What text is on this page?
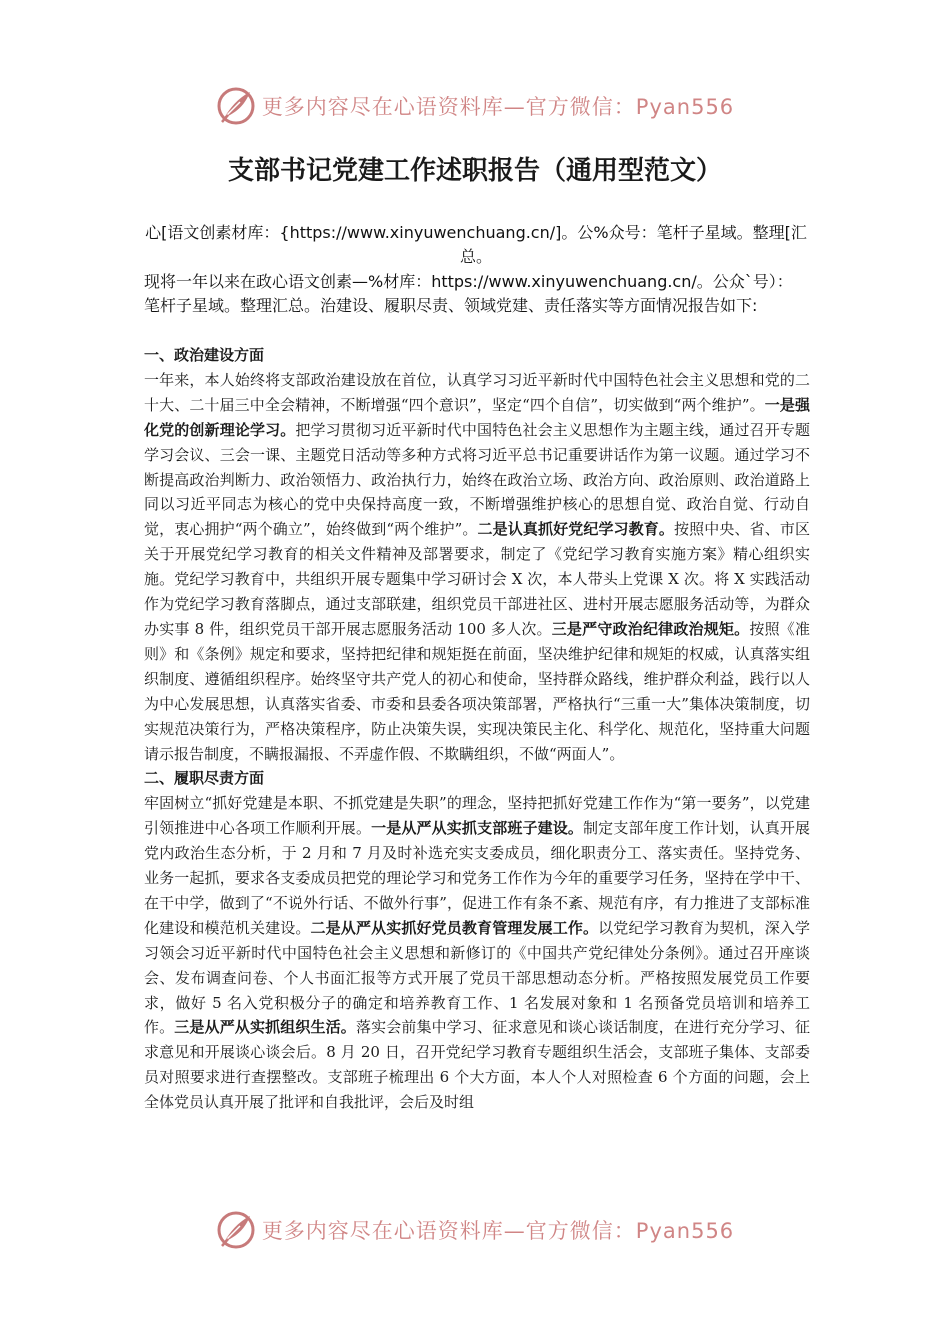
更多内容尽在心语资料库—官方微信：Pyan556
支部书记党建工作述职报告（通用型范文）
心[语文创素材库：{https://www.xinyuwenchuang.cn/]。公%众号：笔杆子星域。整理[汇总。
现将一年以来在政心语文创素—%材库：https://www.xinyuwenchuang.cn/。公众`号）：笔杆子星域。整理汇总。治建设、履职尽责、领域党建、责任落实等方面情况报告如下:
一、政治建设方面

一年来，本人始终将支部政治建设放在首位，认真学习习近平新时代中国特色社会主义思想和党的二十大、二十届三中全会精神，不断增强“四个意识”，坚定“四个自信”，切实做到“两个维护”。

一是强化党的创新理论学习。

把学习贯彻习近平新时代中国特色社会主义思想作为主题主线，通过召开专题学习会议、三会一课、主题党日活动等多种方式将习近平总书记重要讲话作为第一议题。通过学习不断提高政治判断力、政治领悟力、政治执行力，始终在政治立场、政治方向、政治原则、政治道路上同以习近平同志为核心的党中央保持高度一致，不断增强维护核心的思想自觉、政治自觉、行动自觉，衷心拥护“两个确立”，始终做到“两个维护”。

二是认真抓好党纪学习教育。

按照中央、省、市区关于开展党纪学习教育的相关文件精神及部署要求，制定了《党纪学习教育实施方案》精心组织实施。党纪学习教育中，共组织开展专题集中学习研讨会 X 次，本人带头上党课 X 次。将 X 实践活动作为党纪学习教育落脚点，通过支部联建，组织党员干部进社区、进村开展志愿服务活动等，为群众办实事 8 件，组织党员干部开展志愿服务活动 100 多人次。

三是严守政治纪律政治规矩。

按照《准则》和《条例》规定和要求，坚持把纪律和规矩挺在前面，坚决维护纪律和规矩的权威，认真落实组织制度、遵循组织程序。始终坚守共产党人的初心和使命，坚持群众路线，维护群众利益，践行以人为中心发展思想，认真落实省委、市委和县委各项决策部署，严格执行“三重一大”集体决策制度，切实规范决策行为，严格决策程序，防止决策失误，实现决策民主化、科学化、规范化，坚持重大问题请示报告制度，不瞒报漏报、不弄虚作假、不欺瞒组织，不做“两面人”。

二、履职尽责方面

牢固树立“抓好党建是本职、不抓党建是失职”的理念，坚持把抓好党建工作作为“第一要务”，以党建引领推进中心各项工作顺利开展。

一是从严从实抓支部班子建设。

制定支部年度工作计划，认真开展党内政治生态分析，于 2 月和 7 月及时补选充实支委成员，细化职责分工、落实责任。坚持党务、业务一起抓，要求各支委成员把党的理论学习和党务工作作为今年的重要学习任务，坚持在学中干、在干中学，做到了“不说外行话、不做外行事”，促进工作有条不紊、规范有序，有力推进了支部标准化建设和模范机关建设。

二是从严从实抓好党员教育管理发展工作。

以党纪学习教育为契机，深入学习领会习近平新时代中国特色社会主义思想和新修订的《中国共产党纪律处分条例》。通过召开座谈会、发布调查问卷、个人书面汇报等方式开展了党员干部思想动态分析。严格按照发展党员工作要求，做好 5 名入党积极分子的确定和培养教育工作、1 名发展对象和 1 名预备党员培训和培养工作。

三是从严从实抓组织生活。

落实会前集中学习、征求意见和谈心谈话制度，在进行充分学习、征求意见和开展谈心谈会后。8 月 20 日，召开党纪学习教育专题组织生活会，支部班子集体、支部委员对照要求进行查摆整改。支部班子梳理出 6 个大方面，本人个人对照检查 6 个方面的问题，会上全体党员认真开展了批评和自我批评，会后及时组

更多内容尽在心语资料库—官方微信：Pyan556
